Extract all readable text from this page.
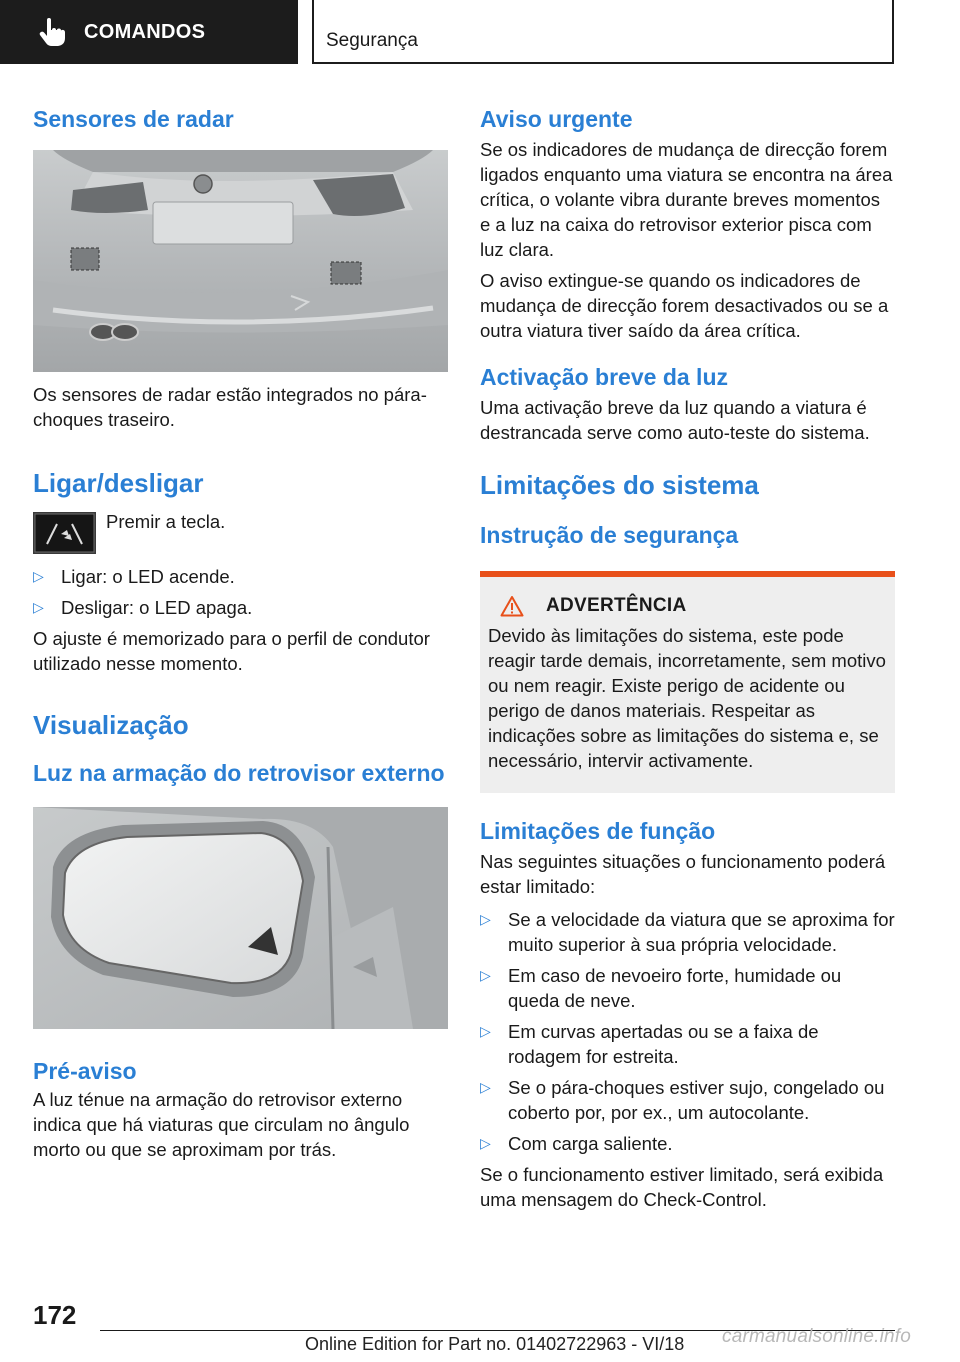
COMANDOS	Segurança
Sensores de radar

Os sensores de radar estão integrados no pára-choques traseiro.

Ligar/desligar
Premir a tecla.
▷ Ligar: o LED acende.
▷ Desligar: o LED apaga.

O ajuste é memorizado para o perfil de condutor utilizado nesse momento.

Visualização
Luz na armação do retrovisor externo
Pré-aviso

A luz ténue na armação do retrovisor externo indica que há viaturas que circulam no ângulo morto ou que se aproximam por trás.

Aviso urgente

Se os indicadores de mudança de direcção forem ligados enquanto uma viatura se encontra na área crítica, o volante vibra durante breves momentos e a luz na caixa do retrovisor exterior pisca com luz clara.

O aviso extingue-se quando os indicadores de mudança de direcção forem desactivados ou se a outra viatura tiver saído da área crítica.

Activação breve da luz

Uma activação breve da luz quando a viatura é destrancada serve como auto-teste do sistema.

Limitações do sistema
Instrução de segurança
ADVERTÊNCIA

Devido às limitações do sistema, este pode reagir tarde demais, incorretamente, sem motivo ou nem reagir. Existe perigo de acidente ou perigo de danos materiais. Respeitar as indicações sobre as limitações do sistema e, se necessário, intervir activamente.

Limitações de função

Nas seguintes situações o funcionamento poderá estar limitado:

▷ Se a velocidade da viatura que se aproxima for muito superior à sua própria velocidade.
▷ Em caso de nevoeiro forte, humidade ou queda de neve.
▷ Em curvas apertadas ou se a faixa de rodagem for estreita.
▷ Se o pára-choques estiver sujo, congelado ou coberto por, por ex., um autocolante.
▷ Com carga saliente.

Se o funcionamento estiver limitado, será exibida uma mensagem do Check-Control.

172
Online Edition for Part no. 01402722963 - VI/18 carmanualsonline.info
